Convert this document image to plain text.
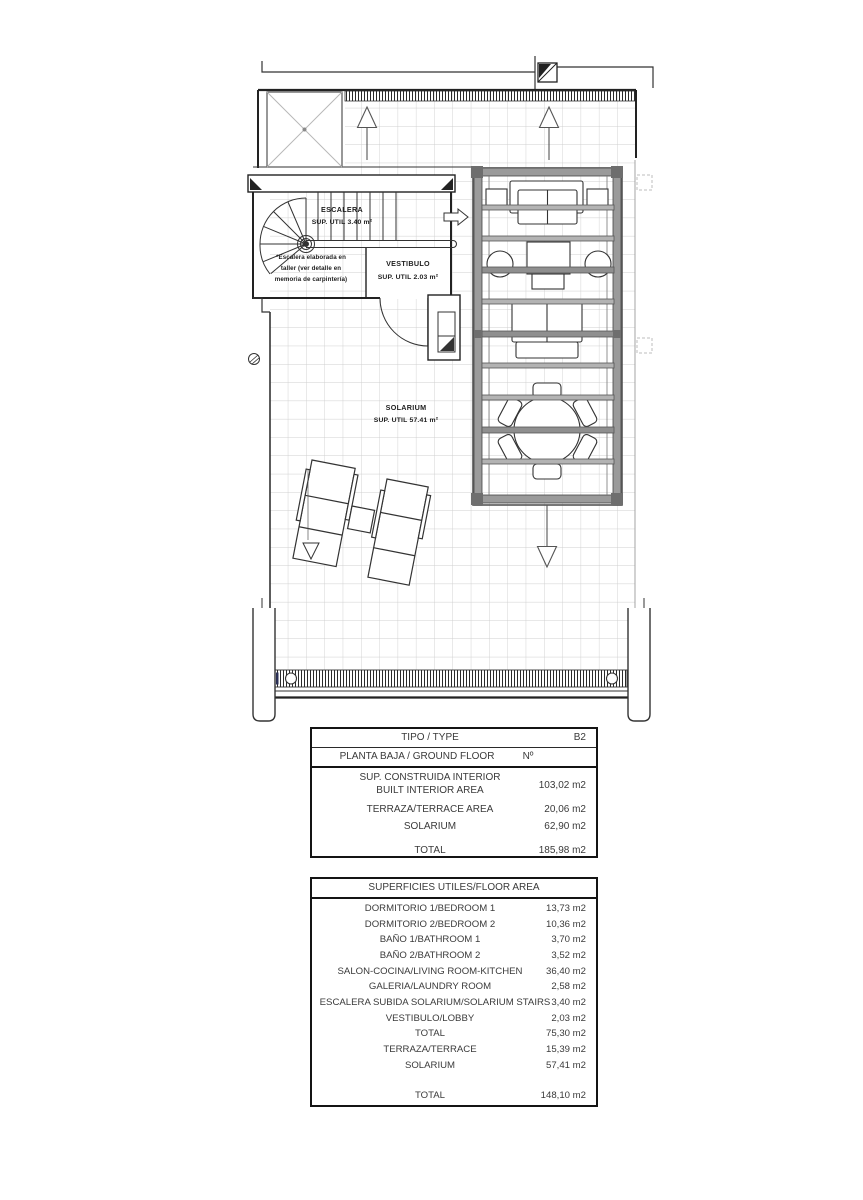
ESCALERA
SUP. UTIL 3.40 m²
*Escalera elaborada en
taller (ver detalle en
memoria de carpintería)
VESTIBULO
SUP. UTIL 2.03 m²
SOLARIUM
SUP. UTIL 57.41 m²
TIPO / TYPE	B2
PLANTA BAJA / GROUND FLOOR	Nº
SUP. CONSTRUIDA INTERIOR
BUILT INTERIOR AREA	103,02 m2
TERRAZA/TERRACE AREA	20,06 m2
SOLARIUM	62,90 m2
TOTAL	185,98 m2
SUPERFICIES UTILES/FLOOR AREA
DORMITORIO 1/BEDROOM 1	13,73 m2
DORMITORIO 2/BEDROOM 2	10,36 m2
BAÑO 1/BATHROOM 1	3,70 m2
BAÑO 2/BATHROOM 2	3,52 m2
SALON-COCINA/LIVING ROOM-KITCHEN	36,40 m2
GALERIA/LAUNDRY ROOM	2,58 m2
ESCALERA SUBIDA SOLARIUM/SOLARIUM STAIRS 3,40 m2
VESTIBULO/LOBBY	2,03 m2
TOTAL	75,30 m2
TERRAZA/TERRACE	15,39 m2
SOLARIUM	57,41 m2
TOTAL	148,10 m2
